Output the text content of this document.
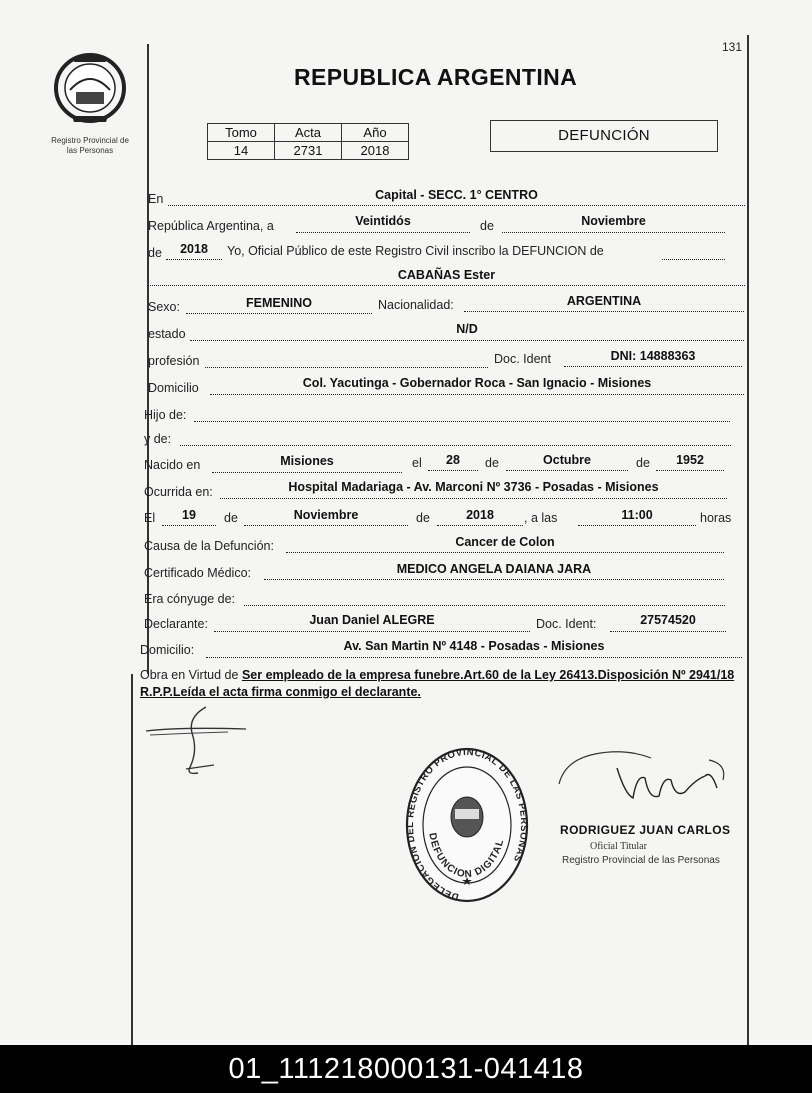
Registro Provincial de
las Personas
131
REPUBLICA ARGENTINA
Tomo	Acta	Año
14	2731	2018
DEFUNCIÓN
En	Capital - SECC. 1° CENTRO
República Argentina, a	Veintidós	de	Noviembre
de	2018	Yo, Oficial Público de este Registro Civil inscribo la DEFUNCION de
CABAÑAS Ester
Sexo:	FEMENINO	Nacionalidad:	ARGENTINA
estado	N/D
profesión	Doc. Ident	DNI: 14888363
Domicilio	Col. Yacutinga - Gobernador Roca - San Ignacio - Misiones
Hijo de:
y de:
Nacido en	Misiones	el	28	de	Octubre	de	1952
Ocurrida en:	Hospital Madariaga - Av. Marconi Nº 3736 - Posadas - Misiones
El	19	de	Noviembre	de	2018	, a las	11:00	horas
Causa de la Defunción:	Cancer de Colon
Certificado Médico:	MEDICO ANGELA DAIANA JARA
Era cónyuge de:
Declarante:	Juan Daniel ALEGRE	Doc. Ident:	27574520
Domicilio:	Av. San Martin Nº 4148 - Posadas - Misiones
Obra en Virtud de Ser empleado de la empresa funebre.Art.60 de la Ley 26413.Disposición Nº 2941/18 R.P.P.Leída el acta firma conmigo el declarante.
DELEGACION DEL REGISTRO PROVINCIAL DE LAS PERSONAS
DEFUNCION DIGITAL
RODRIGUEZ JUAN CARLOS
Oficial Titular
Registro Provincial de las Personas
01_111218000131-041418
